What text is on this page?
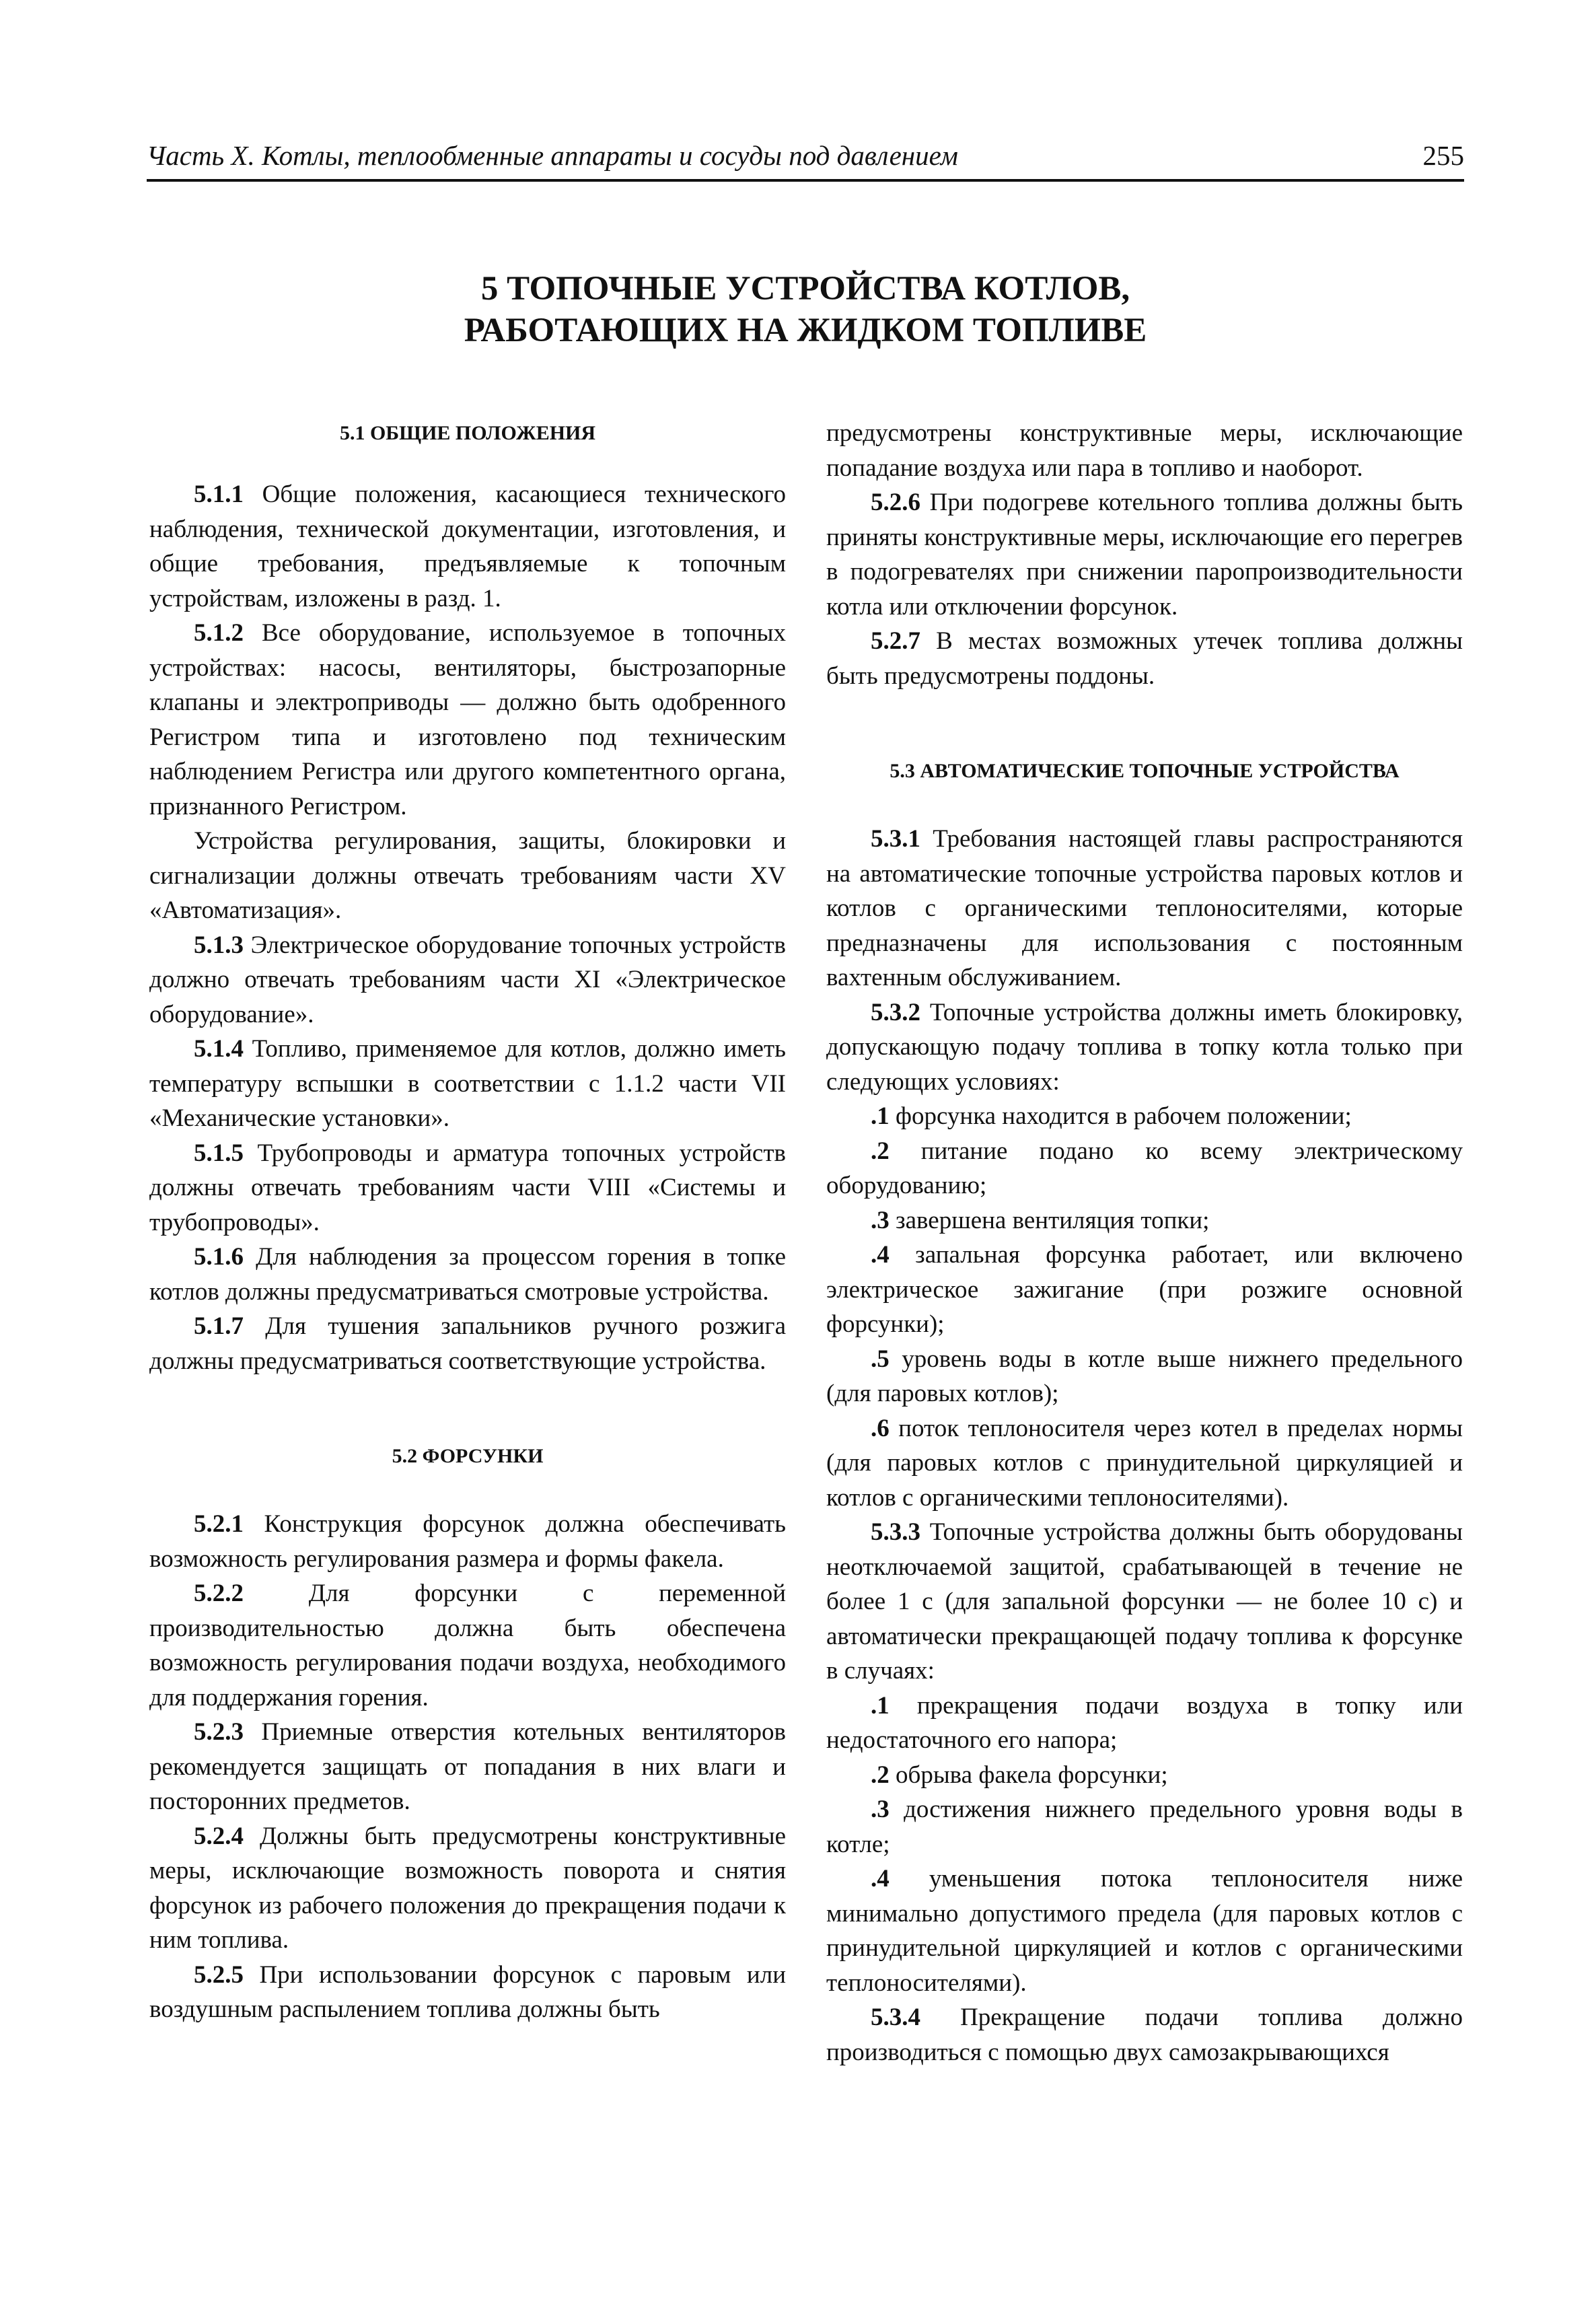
Часть X. Котлы, теплообменные аппараты и сосуды под давлением	255
5 ТОПОЧНЫЕ УСТРОЙСТВА КОТЛОВ,
РАБОТАЮЩИХ НА ЖИДКОМ ТОПЛИВЕ
5.1 ОБЩИЕ ПОЛОЖЕНИЯ

5.1.1 Общие положения, касающиеся технического наблюдения, технической документации, изготовления, и общие требования, предъявляемые к топочным устройствам, изложены в разд. 1.

5.1.2 Все оборудование, используемое в топочных устройствах: насосы, вентиляторы, быстрозапорные клапаны и электроприводы — должно быть одобренного Регистром типа и изготовлено под техническим наблюдением Регистра или другого компетентного органа, признанного Регистром.

Устройства регулирования, защиты, блокировки и сигнализации должны отвечать требованиям части XV «Автоматизация».

5.1.3 Электрическое оборудование топочных устройств должно отвечать требованиям части XI «Электрическое оборудование».

5.1.4 Топливо, применяемое для котлов, должно иметь температуру вспышки в соответствии с 1.1.2 части VII «Механические установки».

5.1.5 Трубопроводы и арматура топочных устройств должны отвечать требованиям части VIII «Системы и трубопроводы».

5.1.6 Для наблюдения за процессом горения в топке котлов должны предусматриваться смотровые устройства.

5.1.7 Для тушения запальников ручного розжига должны предусматриваться соответствующие устройства.

5.2 ФОРСУНКИ

5.2.1 Конструкция форсунок должна обеспечивать возможность регулирования размера и формы факела.

5.2.2 Для форсунки с переменной производительностью должна быть обеспечена возможность регулирования подачи воздуха, необходимого для поддержания горения.

5.2.3 Приемные отверстия котельных вентиляторов рекомендуется защищать от попадания в них влаги и посторонних предметов.

5.2.4 Должны быть предусмотрены конструктивные меры, исключающие возможность поворота и снятия форсунок из рабочего положения до прекращения подачи к ним топлива.

5.2.5 При использовании форсунок с паровым или воздушным распылением топлива должны быть

предусмотрены конструктивные меры, исключающие попадание воздуха или пара в топливо и наоборот.

5.2.6 При подогреве котельного топлива должны быть приняты конструктивные меры, исключающие его перегрев в подогревателях при снижении паропроизводительности котла или отключении форсунок.

5.2.7 В местах возможных утечек топлива должны быть предусмотрены поддоны.

5.3 АВТОМАТИЧЕСКИЕ ТОПОЧНЫЕ УСТРОЙСТВА

5.3.1 Требования настоящей главы распространяются на автоматические топочные устройства паровых котлов и котлов с органическими теплоносителями, которые предназначены для использования с постоянным вахтенным обслуживанием.

5.3.2 Топочные устройства должны иметь блокировку, допускающую подачу топлива в топку котла только при следующих условиях:

.1 форсунка находится в рабочем положении;

.2 питание подано ко всему электрическому оборудованию;

.3 завершена вентиляция топки;

.4 запальная форсунка работает, или включено электрическое зажигание (при розжиге основной форсунки);

.5 уровень воды в котле выше нижнего предельного (для паровых котлов);

.6 поток теплоносителя через котел в пределах нормы (для паровых котлов с принудительной циркуляцией и котлов с органическими теплоносителями).

5.3.3 Топочные устройства должны быть оборудованы неотключаемой защитой, срабатывающей в течение не более 1 с (для запальной форсунки — не более 10 с) и автоматически прекращающей подачу топлива к форсунке в случаях:

.1 прекращения подачи воздуха в топку или недостаточного его напора;

.2 обрыва факела форсунки;

.3 достижения нижнего предельного уровня воды в котле;

.4 уменьшения потока теплоносителя ниже минимально допустимого предела (для паровых котлов с принудительной циркуляцией и котлов с органическими теплоносителями).

5.3.4 Прекращение подачи топлива должно производиться с помощью двух самозакрывающихся
